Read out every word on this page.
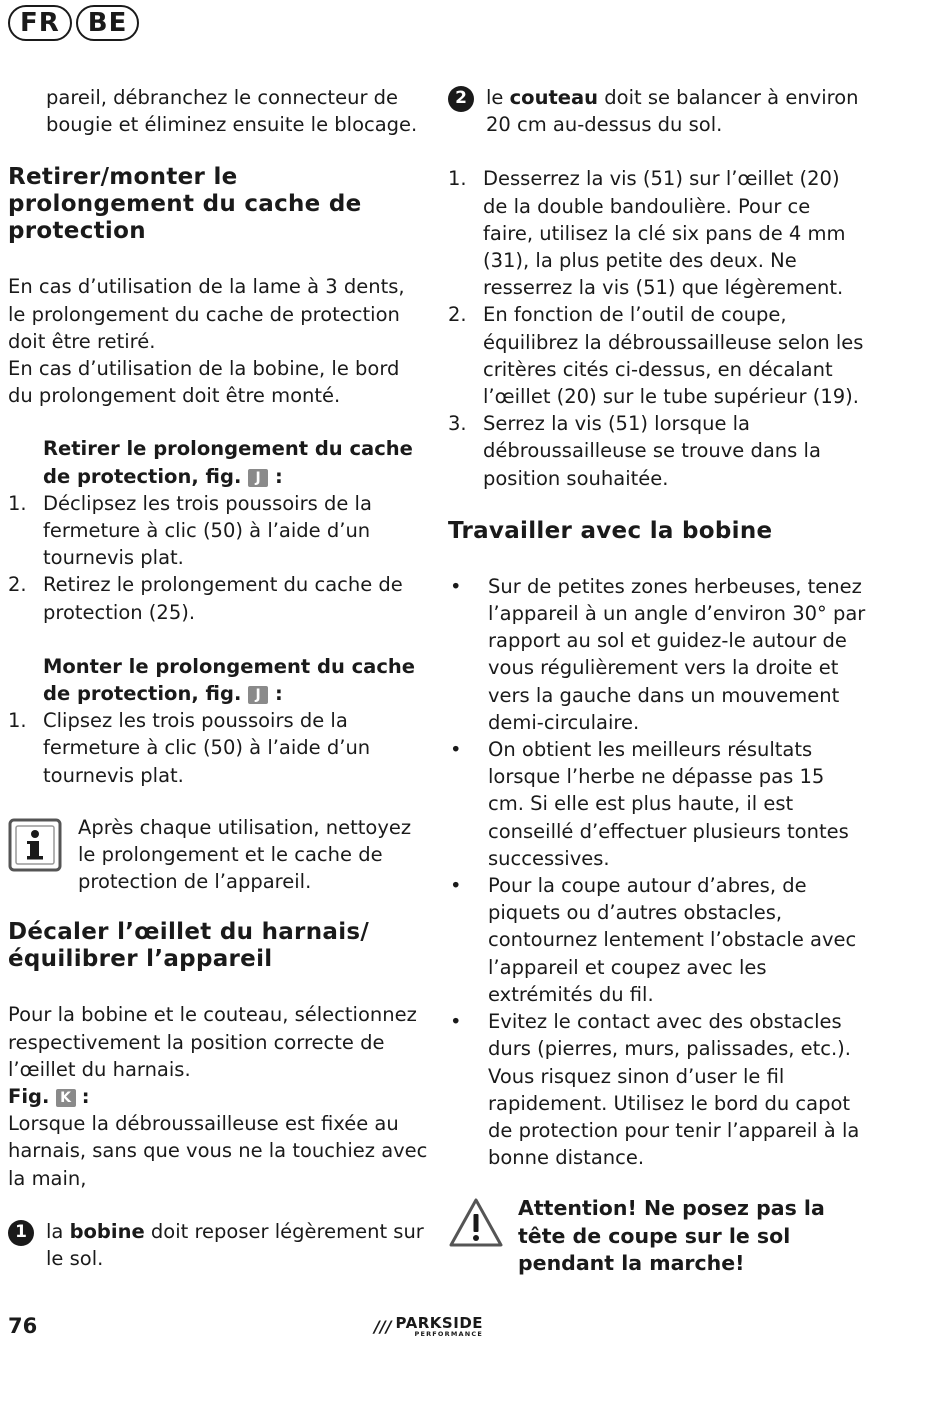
FR	BE

pareil, débranchez le connecteur de bougie et éliminez ensuite le blocage.

Retirer/monter le
prolongement du cache de
protection

En cas d’utilisation de la lame à 3 dents, le prolongement du cache de protection doit être retiré.

En cas d’utilisation de la bobine, le bord du prolongement doit être monté.

Retirer le prolongement du cache de protection, fig. J :

1. Déclipsez les trois poussoirs de la fermeture à clic (50) à l’aide d’un tournevis plat.
2. Retirez le prolongement du cache de protection (25).

Monter le prolongement du cache de protection, fig. J :

1. Clipsez les trois poussoirs de la fermeture à clic (50) à l’aide d’un tournevis plat.

Après chaque utilisation, nettoyez le prolongement et le cache de protection de l’appareil.

Décaler l’œillet du harnais/
équilibrer l’appareil

Pour la bobine et le couteau, sélectionnez respectivement la position correcte de l’œillet du harnais.

Fig. K :

Lorsque la débroussailleuse est fixée au harnais, sans que vous ne la touchiez avec la main,

1 la bobine doit reposer légèrement sur le sol.
2 le couteau doit se balancer à environ 20 cm au-dessus du sol.
1. Desserrez la vis (51) sur l’œillet (20) de la double bandoulière. Pour ce faire, utilisez la clé six pans de 4 mm (31), la plus petite des deux. Ne resserrez la vis (51) que légèrement.
2. En fonction de l’outil de coupe, équilibrez la débroussailleuse selon les critères cités ci-dessus, en décalant l’œillet (20) sur le tube supérieur (19).
3. Serrez la vis (51) lorsque la débroussailleuse se trouve dans la position souhaitée.
Travailler avec la bobine
•	Sur de petites zones herbeuses, tenez l’appareil à un angle d’environ 30° par rapport au sol et guidez-le autour de vous régulièrement vers la droite et vers la gauche dans un mouvement demi-circulaire.
•	On obtient les meilleurs résultats lorsque l’herbe ne dépasse pas 15 cm. Si elle est plus haute, il est conseillé d’effectuer plusieurs tontes successives.
•	Pour la coupe autour d’abres, de piquets ou d’autres obstacles, contournez lentement l’obstacle avec l’appareil et coupez avec les extrémités du fil.
•	Evitez le contact avec des obstacles durs (pierres, murs, palissades, etc.). Vous risquez sinon d’user le fil rapidement. Utilisez le bord du capot de protection pour tenir l’appareil à la bonne distance.

Attention! Ne posez pas la tête de coupe sur le sol pendant la marche!

76	/// PARKSIDE
PERFORMANCE
